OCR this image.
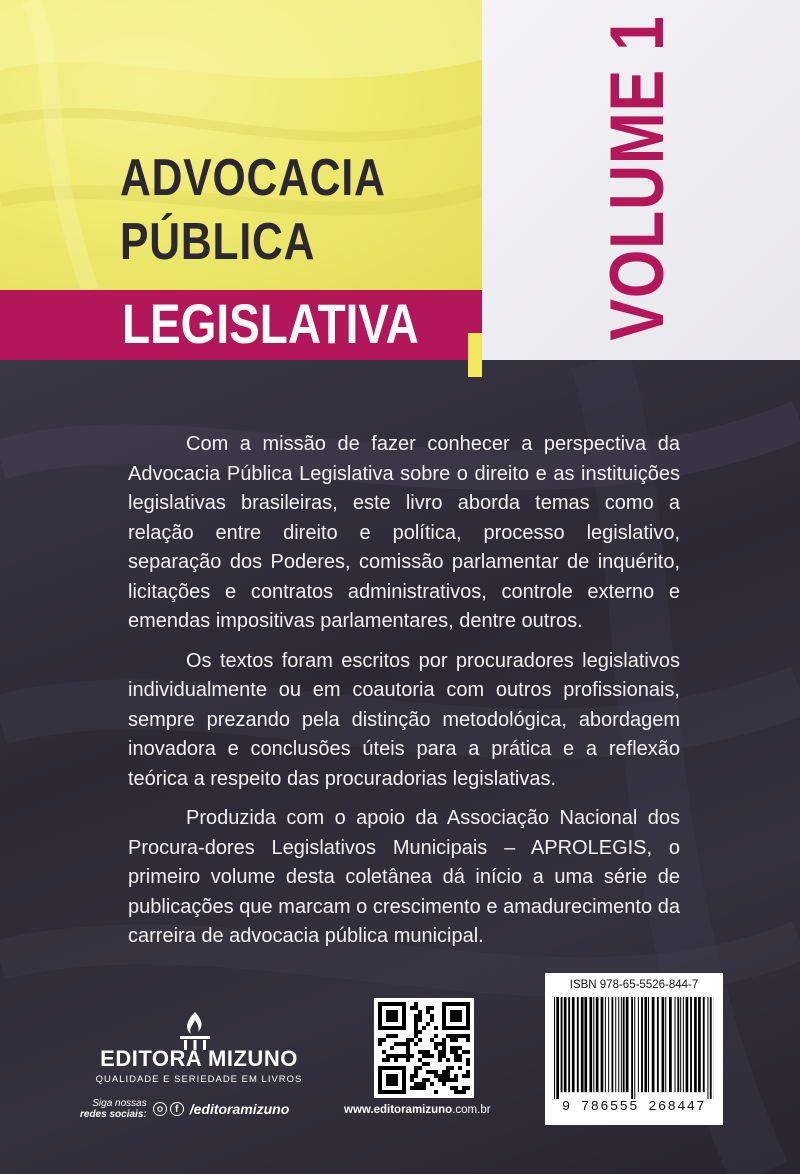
ADVOCACIA
PÚBLICA
LEGISLATIVA VOLUME 1

Com a missão de fazer conhecer a perspectiva da Advocacia Pública Legislativa sobre o direito e as instituições legislativas brasileiras, este livro aborda temas como a relação entre direito e política, processo legislativo, separação dos Poderes, comissão parlamentar de inquérito, licitações e contratos administrativos, controle externo e emendas impositivas parlamentares, dentre outros.

Os textos foram escritos por procuradores legislativos individualmente ou em coautoria com outros profissionais, sempre prezando pela distinção metodológica, abordagem inovadora e conclusões úteis para a prática e a reflexão teórica a respeito das procuradorias legislativas.

Produzida com o apoio da Associação Nacional dos Procura-dores Legislativos Municipais – APROLEGIS, o primeiro volume desta coletânea dá início a uma série de publicações que marcam o crescimento e amadurecimento da carreira de advocacia pública municipal.

EDITORA MIZUNO
QUALIDADE E SERIEDADE EM LIVROS
Siga nossas
redes sociais:	f /editoramizuno	www.editoramizuno.com.br
ISBN 978-65-5526-844-7
9 786555 268447
